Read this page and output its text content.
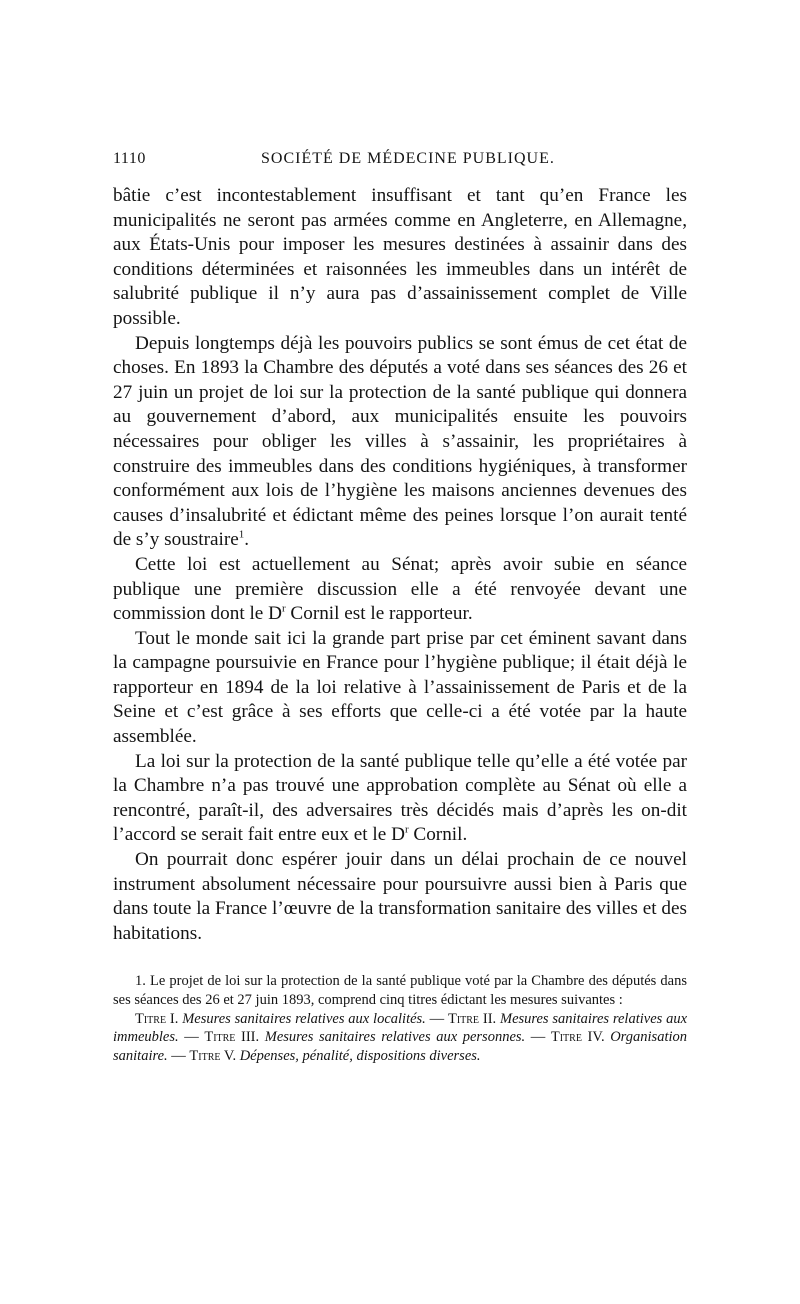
1110	SOCIÉTÉ DE MÉDECINE PUBLIQUE.

bâtie c’est incontestablement insuffisant et tant qu’en France les municipalités ne seront pas armées comme en Angleterre, en Allemagne, aux États-Unis pour imposer les mesures destinées à assainir dans des conditions déterminées et raisonnées les immeubles dans un intérêt de salubrité publique il n’y aura pas d’assainissement complet de Ville possible.

Depuis longtemps déjà les pouvoirs publics se sont émus de cet état de choses. En 1893 la Chambre des députés a voté dans ses séances des 26 et 27 juin un projet de loi sur la protection de la santé publique qui donnera au gouvernement d’abord, aux municipalités ensuite les pouvoirs nécessaires pour obliger les villes à s’assainir, les propriétaires à construire des immeubles dans des conditions hygiéniques, à transformer conformément aux lois de l’hygiène les maisons anciennes devenues des causes d’insalubrité et édictant même des peines lorsque l’on aurait tenté de s’y soustraire$^1$.

Cette loi est actuellement au Sénat; après avoir subie en séance publique une première discussion elle a été renvoyée devant une commission dont le $D^r$ Cornil est le rapporteur.

Tout le monde sait ici la grande part prise par cet éminent savant dans la campagne poursuivie en France pour l’hygiène publique; il était déjà le rapporteur en 1894 de la loi relative à l’assainissement de Paris et de la Seine et c’est grâce à ses efforts que celle-ci a été votée par la haute assemblée.

La loi sur la protection de la santé publique telle qu’elle a été votée par la Chambre n’a pas trouvé une approbation complète au Sénat où elle a rencontré, paraît-il, des adversaires très décidés mais d’après les on-dit l’accord se serait fait entre eux et le $D^r$ Cornil.

On pourrait donc espérer jouir dans un délai prochain de ce nouvel instrument absolument nécessaire pour poursuivre aussi bien à Paris que dans toute la France l’œuvre de la transformation sanitaire des villes et des habitations.

1. Le projet de loi sur la protection de la santé publique voté par la Chambre des députés dans ses séances des 26 et 27 juin 1893, comprend cinq titres édictant les mesures suivantes :

Titre I. Mesures sanitaires relatives aux localités. — Titre II. Mesures sanitaires relatives aux immeubles. — Titre III. Mesures sanitaires relatives aux personnes. — Titre IV. Organisation sanitaire. — Titre V. Dépenses, pénalité, dispositions diverses.
